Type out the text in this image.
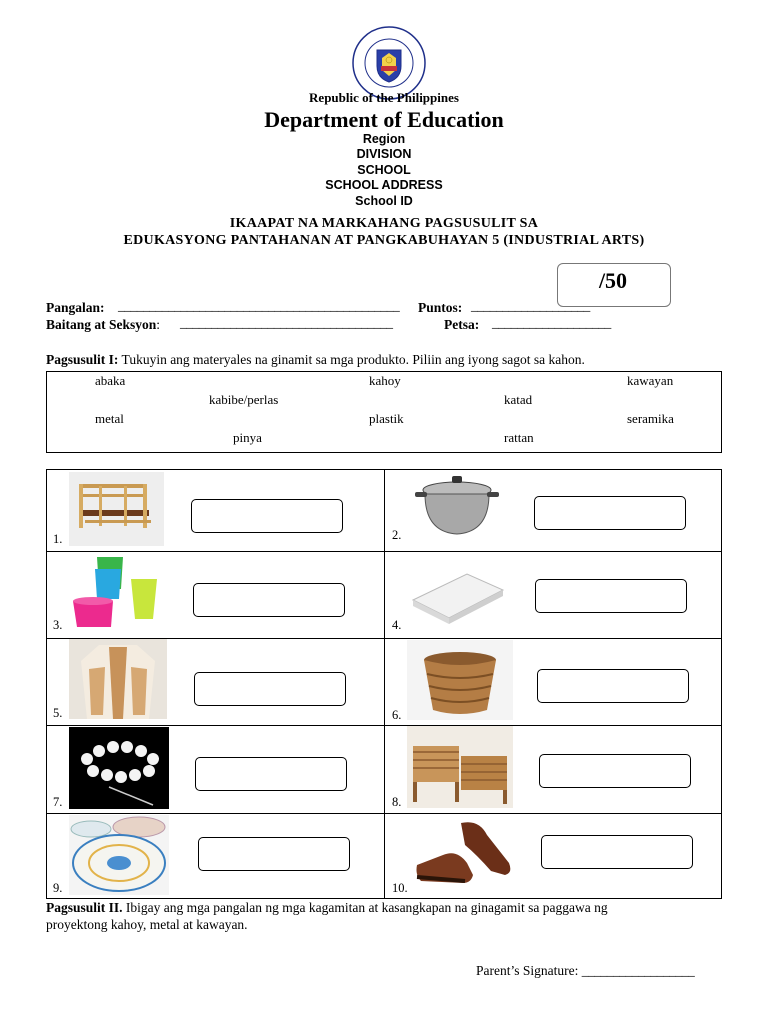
Republic of the Philippines
Department of Education
Region
DIVISION
SCHOOL
SCHOOL ADDRESS
School ID
IKAAPAT NA MARKAHANG PAGSUSULIT SA
EDUKASYONG PANTAHANAN AT PANGKABUHAYAN 5 (INDUSTRIAL ARTS)
/50
Pangalan: _____________________________________________ Puntos: ___________________
Baitang at Seksyon: __________________________________	Petsa: ___________________
Pagsusulit I: Tukuyin ang materyales na ginamit sa mga produkto. Piliin ang iyong sagot sa kahon.
abaka	kahoy	kawayan
kabibe/perlas	katad
metal	plastik	seramika
pinya	rattan
1.	2.
3.	4.
5.	6.
7.	8.
9.	10.
Pagsusulit II. Ibigay ang mga pangalan ng mga kagamitan at kasangkapan na ginagamit sa paggawa ng
proyektong kahoy, metal at kawayan.
Parent’s Signature: __________________
